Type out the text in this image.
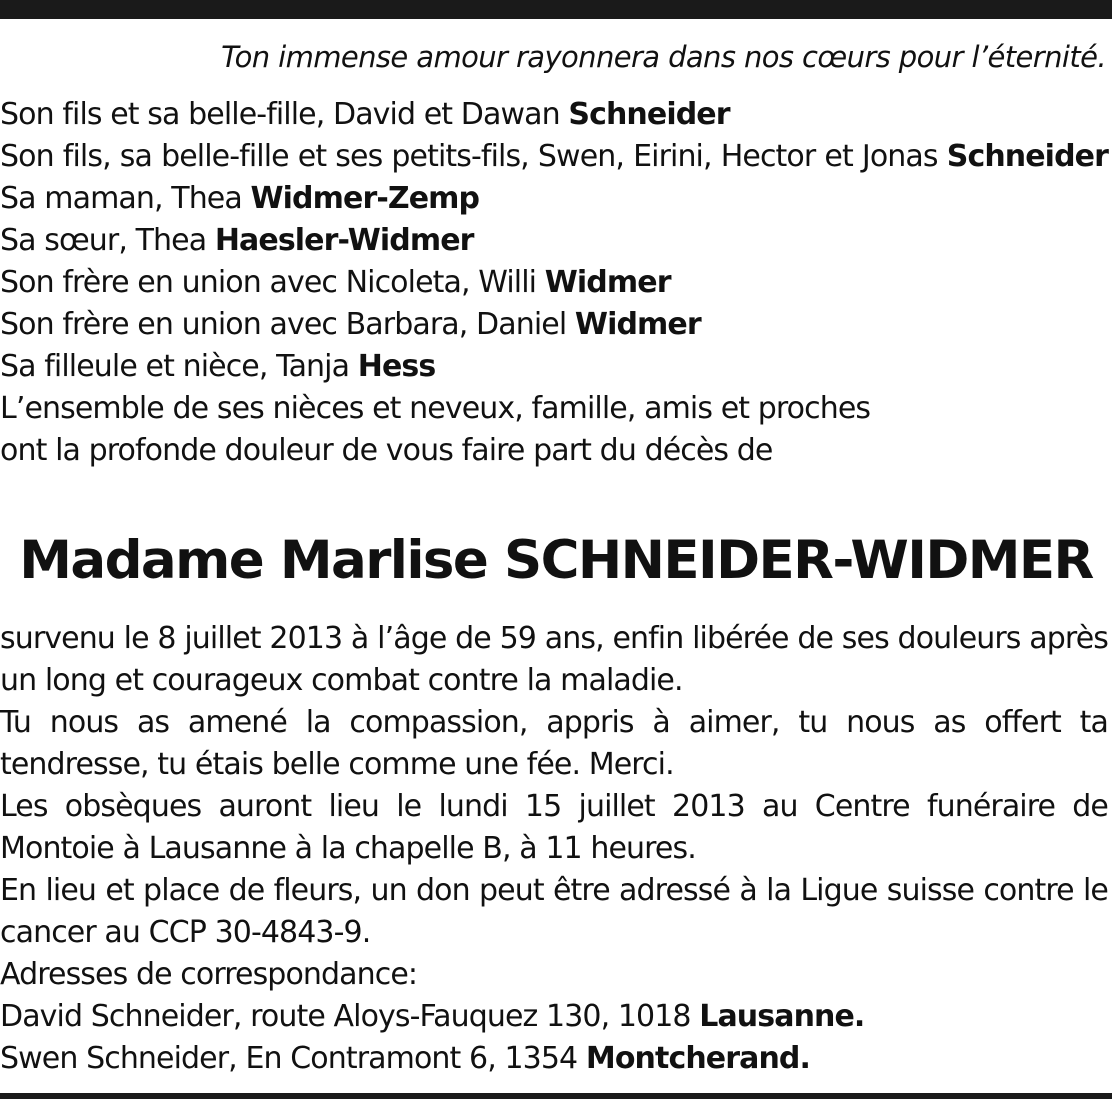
Ton immense amour rayonnera dans nos cœurs pour l’éternité.
Son fils et sa belle-fille, David et Dawan Schneider
Son fils, sa belle-fille et ses petits-fils, Swen, Eirini, Hector et Jonas Schneider
Sa maman, Thea Widmer-Zemp
Sa sœur, Thea Haesler-Widmer
Son frère en union avec Nicoleta, Willi Widmer
Son frère en union avec Barbara, Daniel Widmer
Sa filleule et nièce, Tanja Hess
L’ensemble de ses nièces et neveux, famille, amis et proches
ont la profonde douleur de vous faire part du décès de
Madame Marlise SCHNEIDER-WIDMER
survenu le 8 juillet 2013 à l’âge de 59 ans, enfin libérée de ses douleurs après un long et courageux combat contre la maladie.
Tu nous as amené la compassion, appris à aimer, tu nous as offert ta tendresse, tu étais belle comme une fée. Merci.
Les obsèques auront lieu le lundi 15 juillet 2013 au Centre funéraire de Montoie à Lausanne à la chapelle B, à 11 heures.
En lieu et place de fleurs, un don peut être adressé à la Ligue suisse contre le cancer au CCP 30-4843-9.
Adresses de correspondance:
David Schneider, route Aloys-Fauquez 130, 1018 Lausanne.
Swen Schneider, En Contramont 6, 1354 Montcherand.
